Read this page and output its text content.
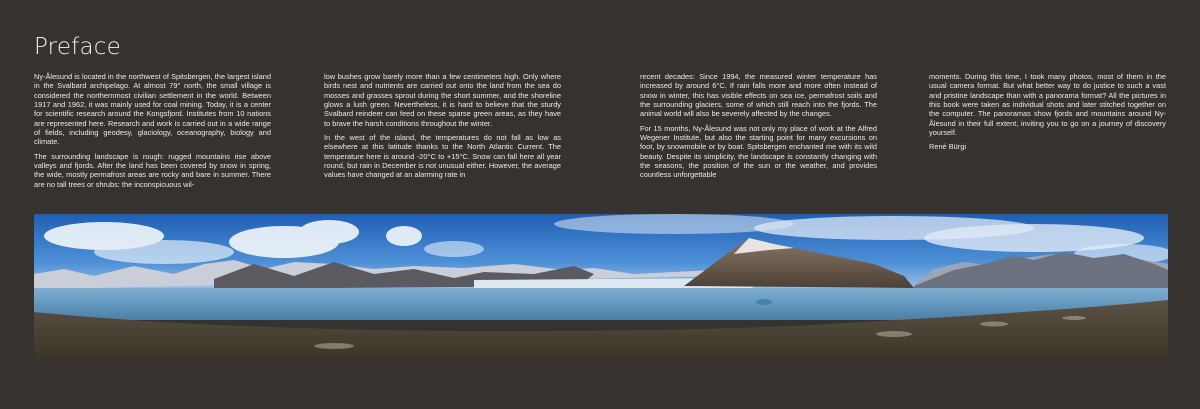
Preface

Ny-Ålesund is located in the northwest of Spitsbergen, the largest island in the Svalbard archipelago. At almost 79° north, the small village is considered the northernmost civilian settlement in the world. Between 1917 and 1962, it was mainly used for coal mining. Today, it is a center for scientific research around the Kongsfjord. Institutes from 10 nations are represented here. Research and work is carried out in a wide range of fields, including geodesy, glaciology, oceanography, biology and climate.

The surrounding landscape is rough: rugged mountains rise above valleys and fjords. After the land has been covered by snow in spring, the wide, mostly permafrost areas are rocky and bare in summer. There are no tall trees or shrubs: the inconspicuous wil-

low bushes grow barely more than a few centimeters high. Only where birds nest and nutrients are carried out onto the land from the sea do mosses and grasses sprout during the short summer, and the shoreline glows a lush green. Nevertheless, it is hard to believe that the sturdy Svalbard reindeer can feed on these sparse green areas, as they have to brave the harsh conditions throughout the winter.

In the west of the island, the temperatures do not fall as low as elsewhere at this latitude thanks to the North Atlantic Current. The temperature here is around -20°C to +15°C. Snow can fall here all year round, but rain in December is not unusual either. However, the average values have changed at an alarming rate in

recent decades: Since 1994, the measured winter temperature has increased by around 6°C. If rain falls more and more often instead of snow in winter, this has visible effects on sea ice, permafrost soils and the surrounding glaciers, some of which still reach into the fjords. The animal world will also be severely affected by the changes.

For 15 months, Ny-Ålesund was not only my place of work at the Alfred Wegener Institute, but also the starting point for many excursions on foot, by snowmobile or by boat. Spitsbergen enchanted me with its wild beauty. Despite its simplicity, the landscape is constantly changing with the seasons, the position of the sun or the weather, and provides countless unforgettable

moments. During this time, I took many photos, most of them in the usual camera format. But what better way to do justice to such a vast and pristine landscape than with a panorama format? All the pictures in this book were taken as individual shots and later stitched together on the computer. The panoramas show fjords and mountains around Ny-Ålesund in their full extent, inviting you to go on a journey of discovery yourself.

René Bürgi
